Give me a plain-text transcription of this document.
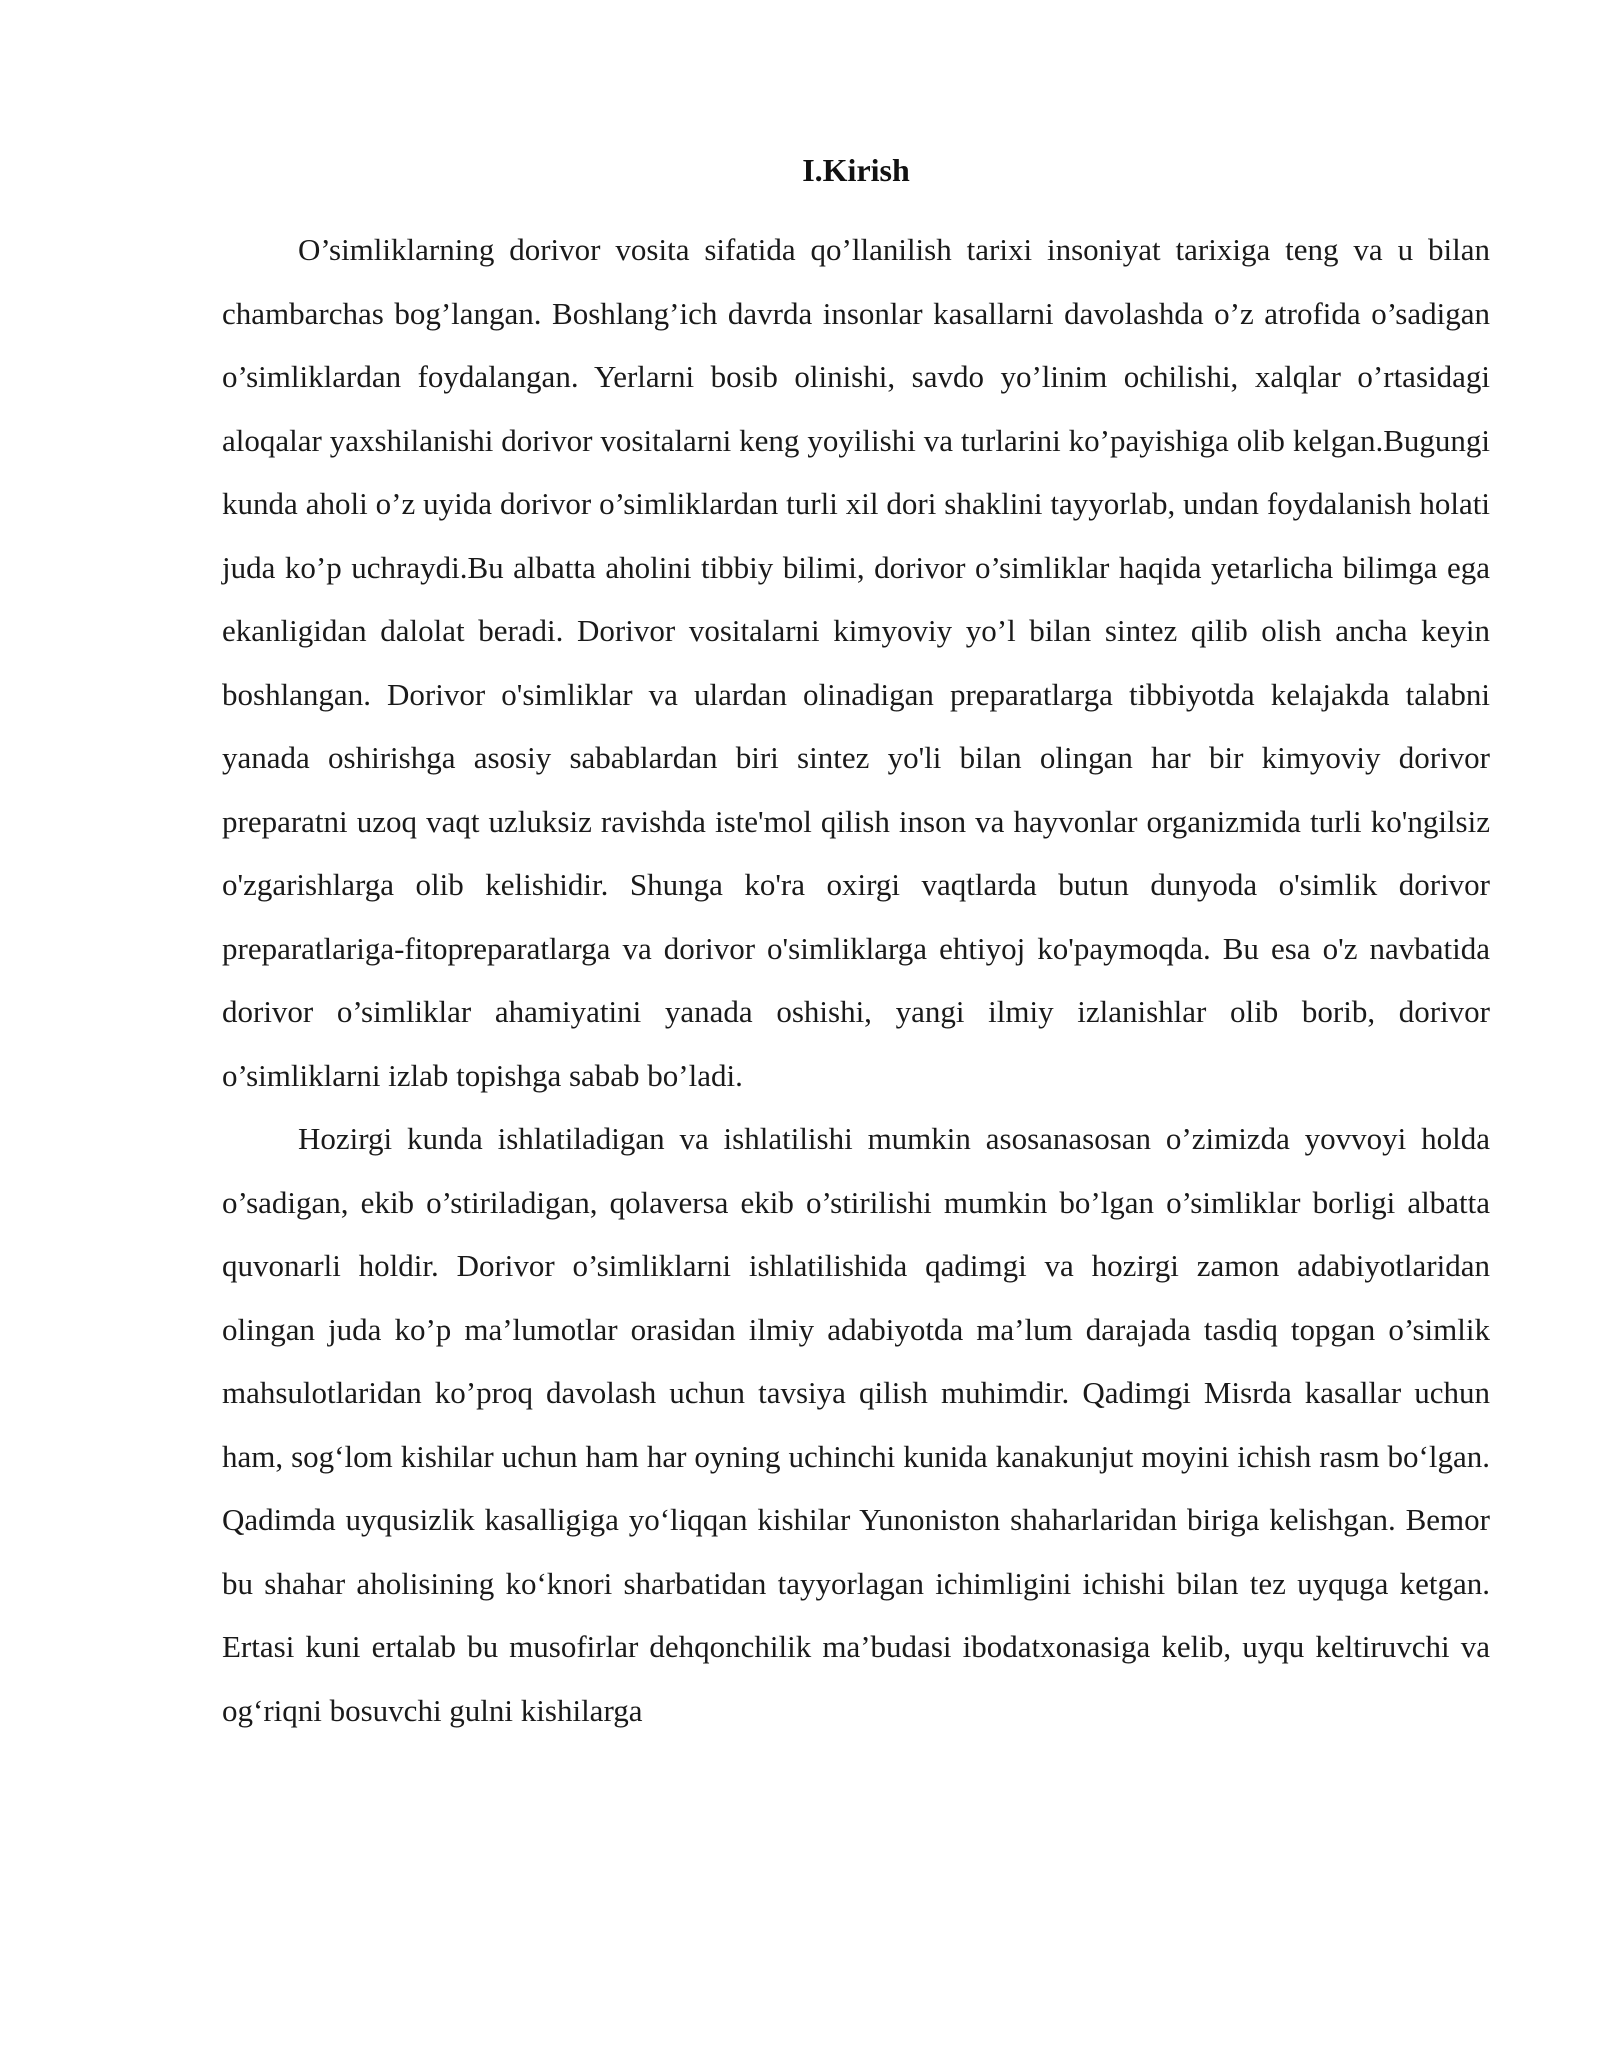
I.Kirish

O’simliklarning dorivor vosita sifatida qo’llanilish tarixi insoniyat tarixiga teng va u bilan chambarchas bog’langan. Boshlang’ich davrda insonlar kasallarni davolashda o’z atrofida o’sadigan o’simliklardan foydalangan. Yerlarni bosib olinishi, savdo yo’linim ochilishi, xalqlar o’rtasidagi aloqalar yaxshilanishi dorivor vositalarni keng yoyilishi va turlarini ko’payishiga olib kelgan.Bugungi kunda aholi o’z uyida dorivor o’simliklardan turli xil dori shaklini tayyorlab, undan foydalanish holati juda ko’p uchraydi.Bu albatta aholini tibbiy bilimi, dorivor o’simliklar haqida yetarlicha bilimga ega ekanligidan dalolat beradi. Dorivor vositalarni kimyoviy yo’l bilan sintez qilib olish ancha keyin boshlangan. Dorivor o'simliklar va ulardan olinadigan preparatlarga tibbiyotda kelajakda talabni yanada oshirishga asosiy sabablardan biri sintez yo'li bilan olingan har bir kimyoviy dorivor preparatni uzoq vaqt uzluksiz ravishda iste'mol qilish inson va hayvonlar organizmida turli ko'ngilsiz o'zgarishlarga olib kelishidir. Shunga ko'ra oxirgi vaqtlarda butun dunyoda o'simlik dorivor preparatlariga-fitopreparatlarga va dorivor o'simliklarga ehtiyoj ko'paymoqda. Bu esa o'z navbatida dorivor o’simliklar ahamiyatini yanada oshishi, yangi ilmiy izlanishlar olib borib, dorivor o’simliklarni izlab topishga sabab bo’ladi.

Hozirgi kunda ishlatiladigan va ishlatilishi mumkin asosanasosan o’zimizda yovvoyi holda o’sadigan, ekib o’stiriladigan, qolaversa ekib o’stirilishi mumkin bo’lgan o’simliklar borligi albatta quvonarli holdir. Dorivor o’simliklarni ishlatilishida qadimgi va hozirgi zamon adabiyotlaridan olingan juda ko’p ma’lumotlar orasidan ilmiy adabiyotda ma’lum darajada tasdiq topgan o’simlik mahsulotlaridan ko’proq davolash uchun tavsiya qilish muhimdir. Qadimgi Misrda kasallar uchun ham, sog‘lom kishilar uchun ham har oyning uchinchi kunida kanakunjut moyini ichish rasm bo‘lgan. Qadimda uyqusizlik kasalligiga yo‘liqqan kishilar Yunoniston shaharlaridan biriga kelishgan. Bemor bu shahar aholisining ko‘knori sharbatidan tayyorlagan ichimligini ichishi bilan tez uyquga ketgan. Ertasi kuni ertalab bu musofirlar dehqonchilik ma’budasi ibodatxonasiga kelib, uyqu keltiruvchi va og‘riqni bosuvchi gulni kishilarga
